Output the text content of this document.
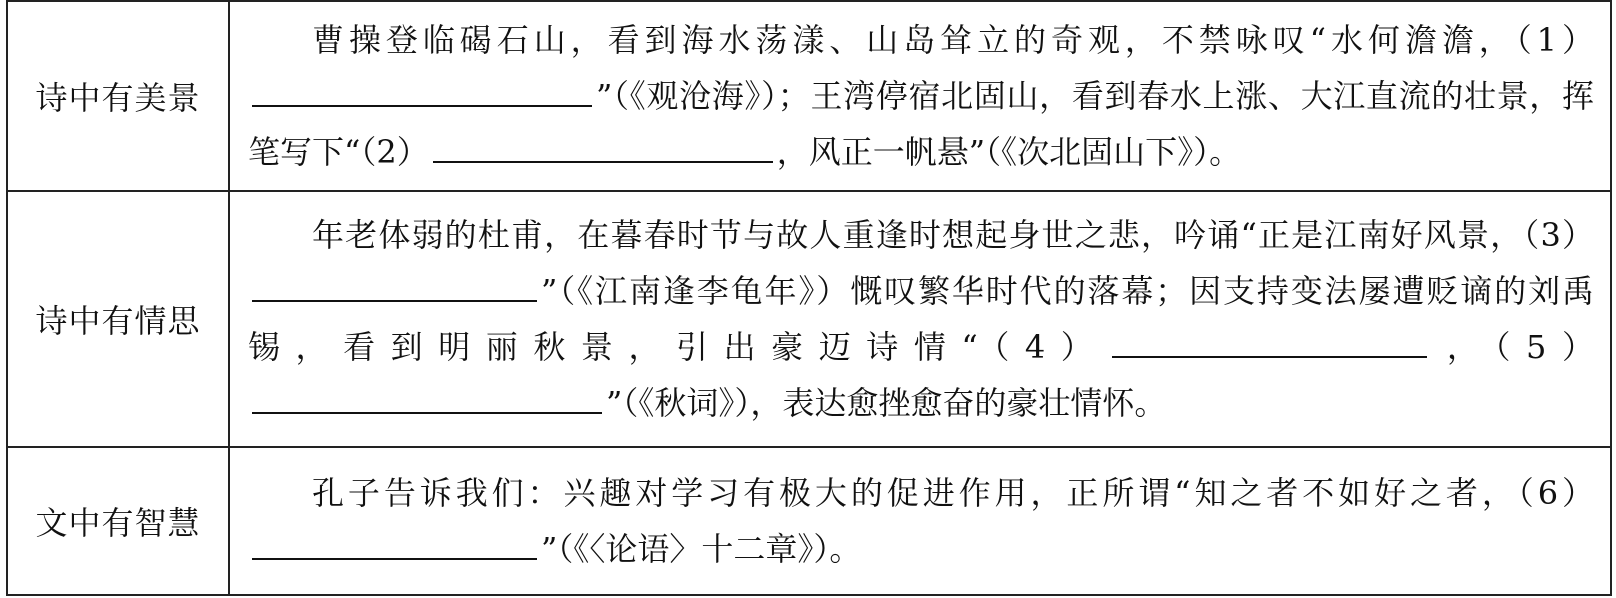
诗中有美景	曹操登临碣石山，看到海水荡漾、山岛耸立的奇观，不禁咏叹“水何澹澹，（1）”（《观沧海》）；王湾停宿北固山，看到春水上涨、大江直流的壮景，挥笔写下“（2） ，风正一帆悬”（《次北固山下》）。

诗中有情思	年老体弱的杜甫，在暮春时节与故人重逢时想起身世之悲，吟诵“正是江南好风景，（3）”（《江南逢李龟年》）慨叹繁华时代的落幕；因支持变法屡遭贬谪的刘禹锡，看到明丽秋景，引出豪迈诗情“（4） ，（5）”（《秋词》），表达愈挫愈奋的豪壮情怀。

文中有智慧	孔子告诉我们：兴趣对学习有极大的促进作用，正所谓“知之者不如好之者，（6）”（《〈论语〉十二章》）。
